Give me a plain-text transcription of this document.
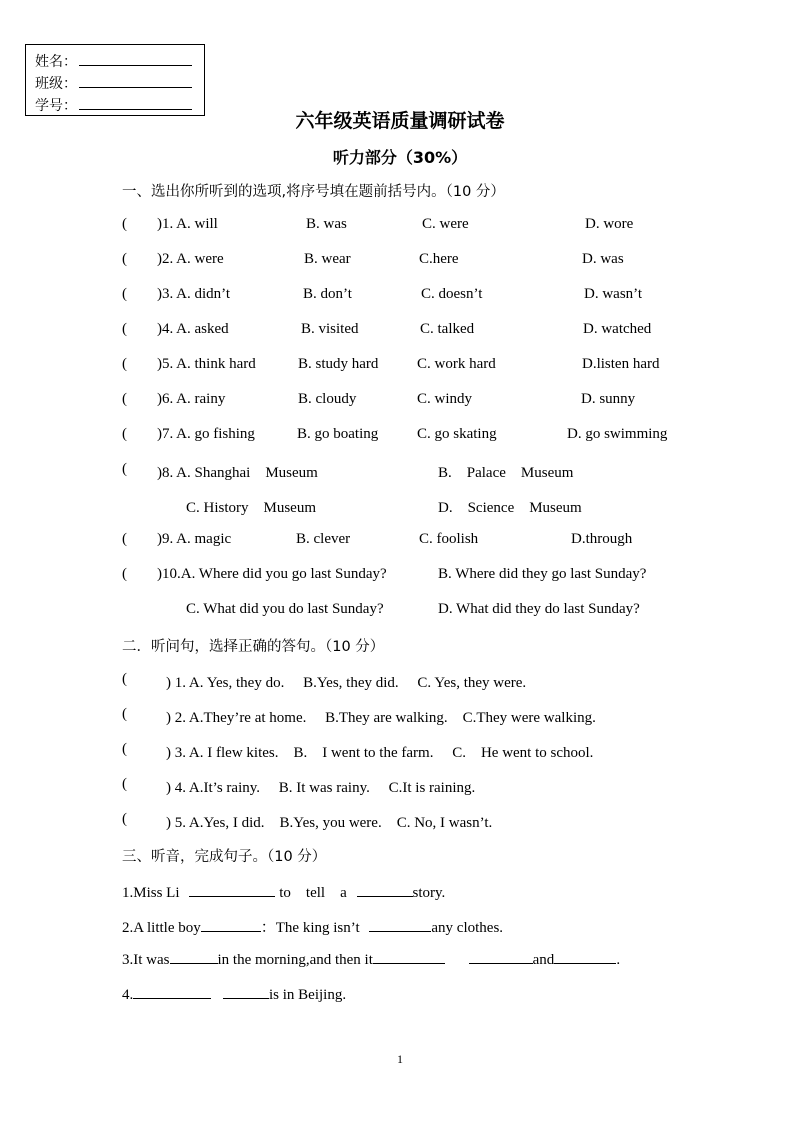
姓名：
班级：
学号：
六年级英语质量调研试卷
听力部分（30%）
一、选出你所听到的选项,将序号填在题前括号内。（10 分）
( )1. A. will	B. was	C. were	D. wore
( )2. A. were	B. wear	C.here	D. was
( )3. A. didn’t	B. don’t	C. doesn’t	D. wasn’t
( )4. A. asked	B. visited	C. talked	D. watched
( )5. A. think hard	B. study hard	C. work hard	D.listen hard
( )6. A. rainy	B. cloudy	C. windy	D. sunny
( )7. A. go fishing	B. go boating	C. go skating	D. go swimming
( )8. A. Shanghai　Museum	B.　Palace　Museum
C. History　Museum	D.　Science　Museum
( )9. A. magic	B. clever	C. foolish	D.through
( )10.A. Where did you go last Sunday?	B. Where did they go last Sunday?
C. What did you do last Sunday?	D. What did they do last Sunday?
二．听问句，选择正确的答句。（10 分）
(	) 1. A. Yes, they do.　 B.Yes, they did.　 C. Yes, they were.
(	) 2. A.They’re at home.　 B.They are walking.　C.They were walking.
(	) 3. A. I flew kites.　B.　I went to the farm.　 C.　He went to school.
(	) 4. A.It’s rainy.　 B. It was rainy.　 C.It is raining.
(	) 5. A.Yes, I did.　B.Yes, you were.　C. No, I wasn’t.
三、听音，完成句子。（10 分）
1.Miss Li	to　tell　a	story.
2.A little boy	：The king isn’t	any clothes.
3.It was	in the morning,and then it	and	.
4.	is in Beijing.
1
